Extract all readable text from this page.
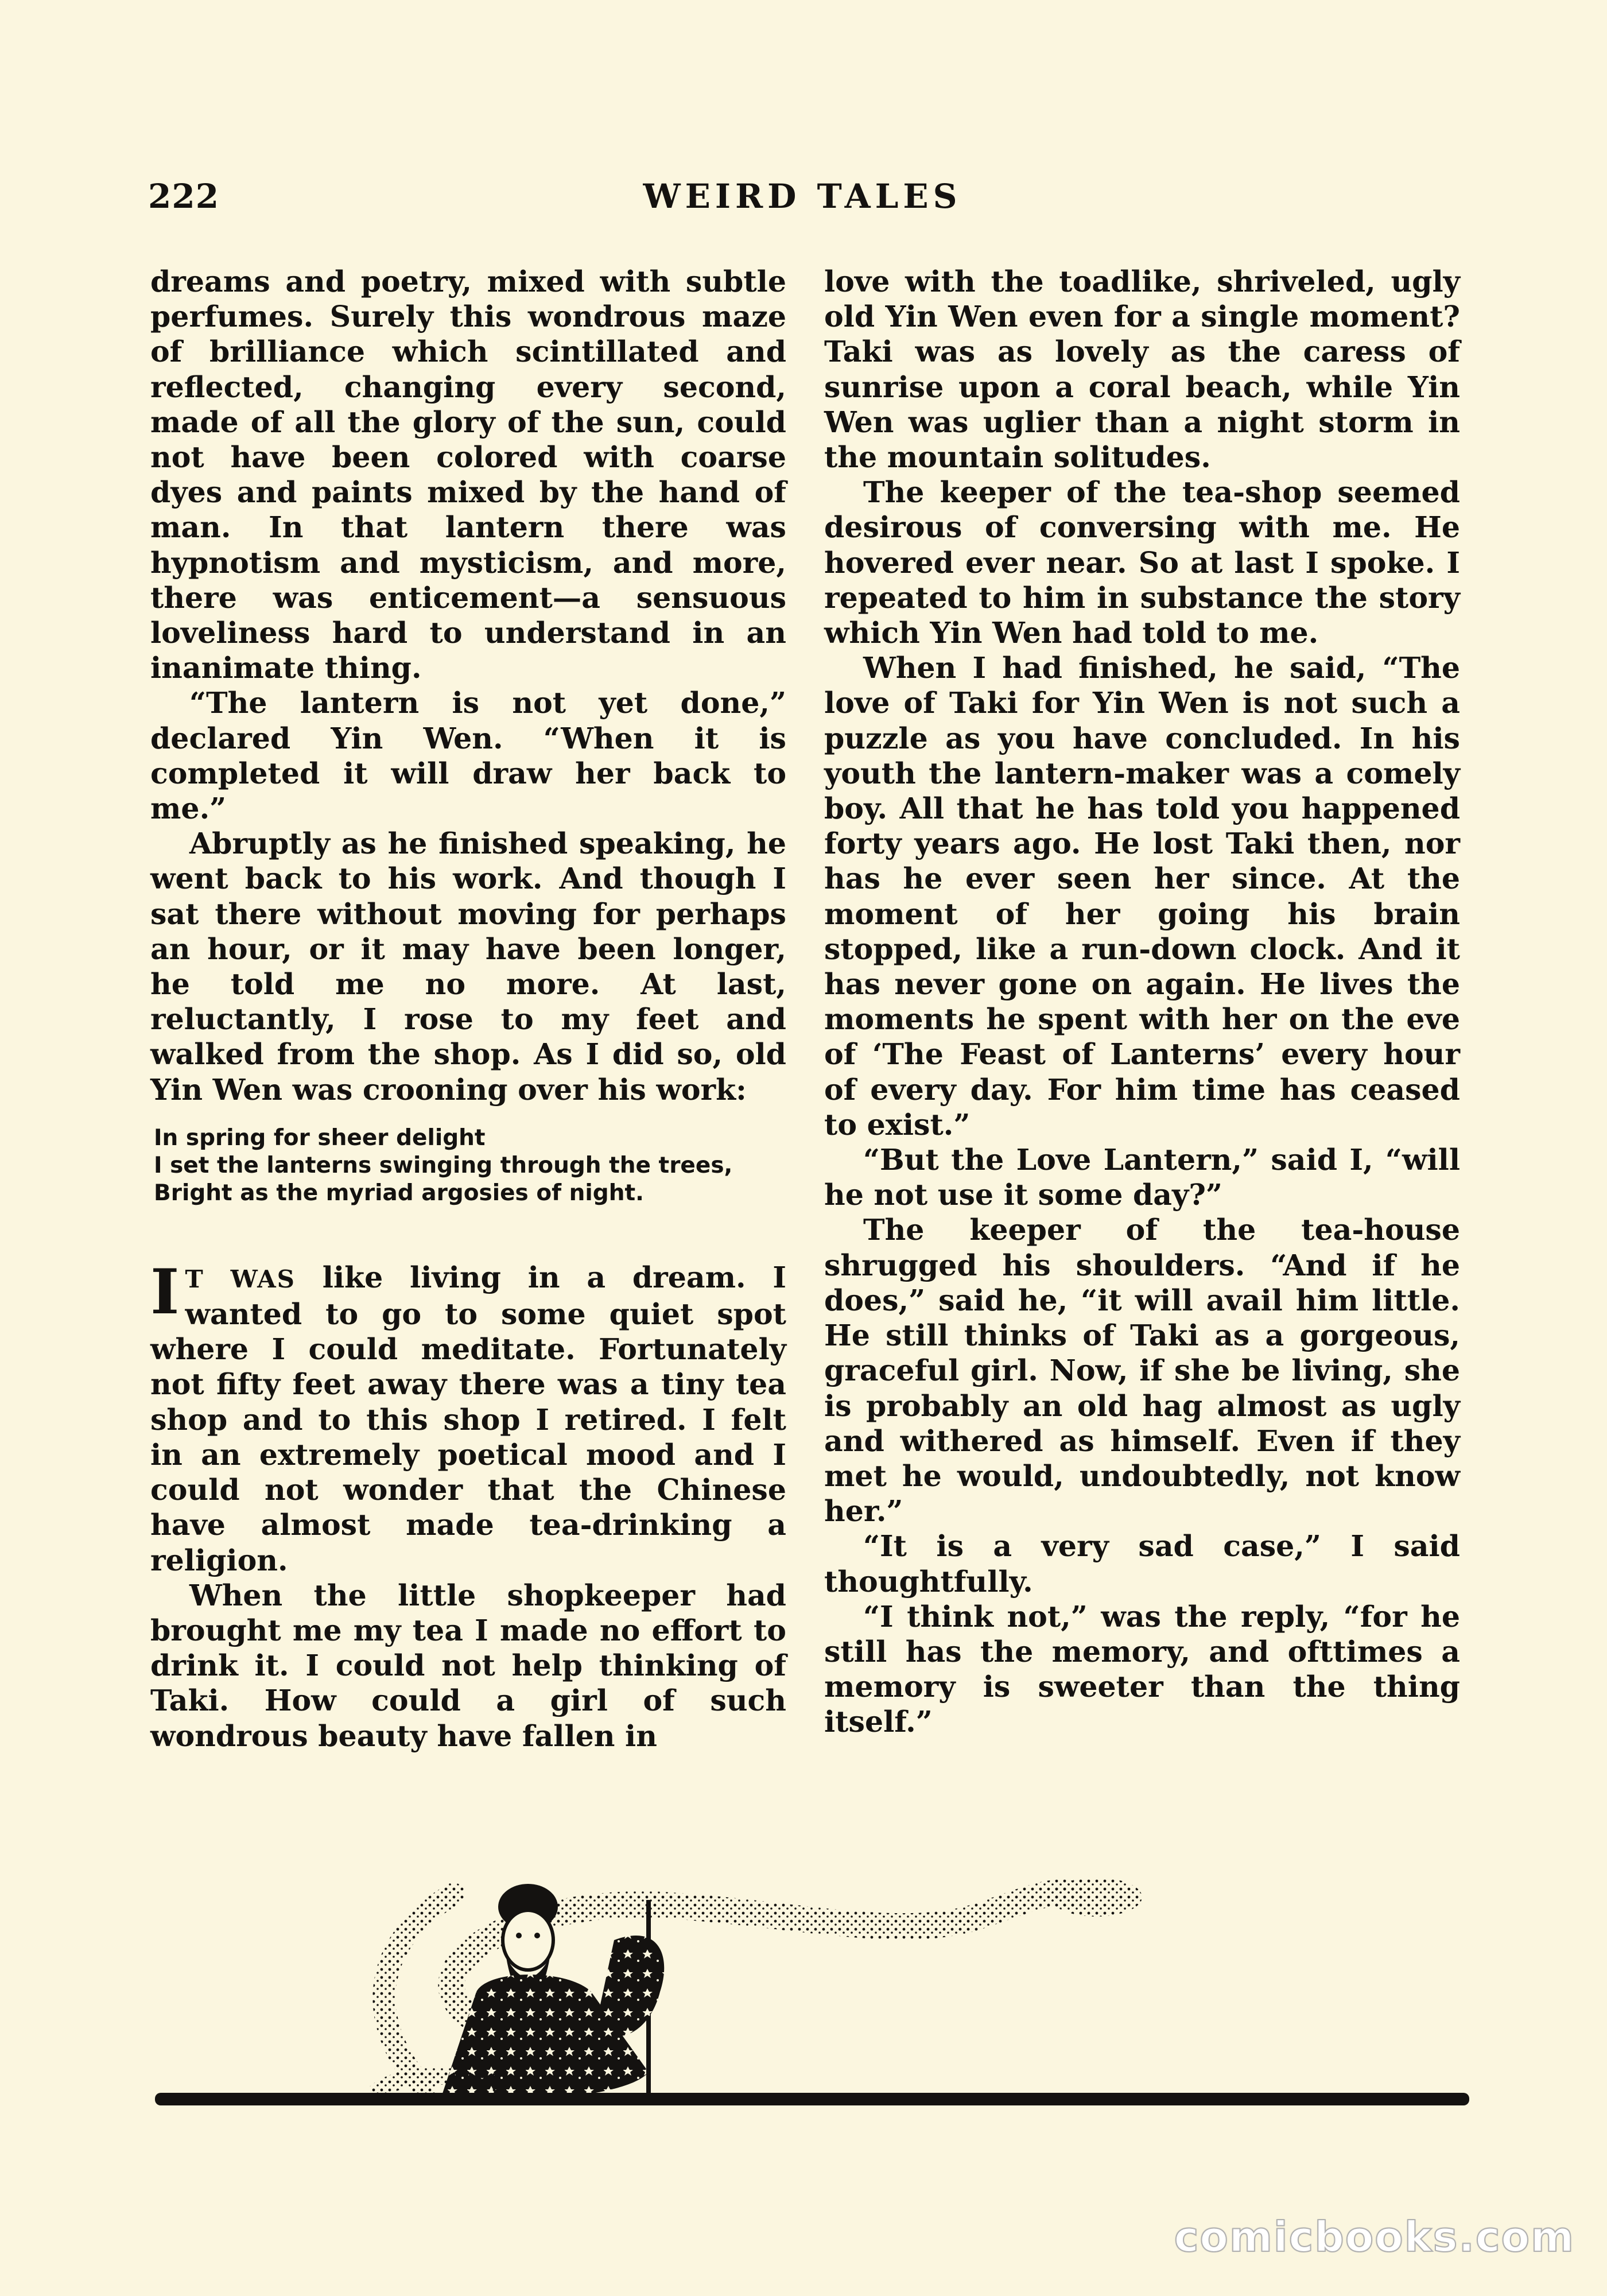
222	WEIRD TALES

dreams and poetry, mixed with subtle perfumes. Surely this wondrous maze of brilliance which scintillated and reflected, changing every second, made of all the glory of the sun, could not have been colored with coarse dyes and paints mixed by the hand of man. In that lantern there was hypnotism and mysticism, and more, there was enticement—a sensuous loveliness hard to understand in an inanimate thing.

“The lantern is not yet done,” declared Yin Wen. “When it is completed it will draw her back to me.”

Abruptly as he finished speaking, he went back to his work. And though I sat there without moving for perhaps an hour, or it may have been longer, he told me no more. At last, reluctantly, I rose to my feet and walked from the shop. As I did so, old Yin Wen was crooning over his work:

In spring for sheer delight
I set the lanterns swinging through the trees,
Bright as the myriad argosies of night.

I T WAS like living in a dream. I wanted to go to some quiet spot where I could meditate. Fortunately not fifty feet away there was a tiny tea shop and to this shop I retired. I felt in an extremely poetical mood and I could not wonder that the Chinese have almost made tea-drinking a religion.

When the little shopkeeper had brought me my tea I made no effort to drink it. I could not help thinking of Taki. How could a girl of such wondrous beauty have fallen in

love with the toadlike, shriveled, ugly old Yin Wen even for a single moment? Taki was as lovely as the caress of sunrise upon a coral beach, while Yin Wen was uglier than a night storm in the mountain solitudes.

The keeper of the tea-shop seemed desirous of conversing with me. He hovered ever near. So at last I spoke. I repeated to him in substance the story which Yin Wen had told to me.

When I had finished, he said, “The love of Taki for Yin Wen is not such a puzzle as you have concluded. In his youth the lantern-maker was a comely boy. All that he has told you happened forty years ago. He lost Taki then, nor has he ever seen her since. At the moment of her going his brain stopped, like a run-down clock. And it has never gone on again. He lives the moments he spent with her on the eve of ‘The Feast of Lanterns’ every hour of every day. For him time has ceased to exist.”

“But the Love Lantern,” said I, “will he not use it some day?”

The keeper of the tea-house shrugged his shoulders. “And if he does,” said he, “it will avail him little. He still thinks of Taki as a gorgeous, graceful girl. Now, if she be living, she is probably an old hag almost as ugly and withered as himself. Even if they met he would, undoubtedly, not know her.”

“It is a very sad case,” I said thoughtfully.

“I think not,” was the reply, “for he still has the memory, and ofttimes a memory is sweeter than the thing itself.”

comicbooks.com
